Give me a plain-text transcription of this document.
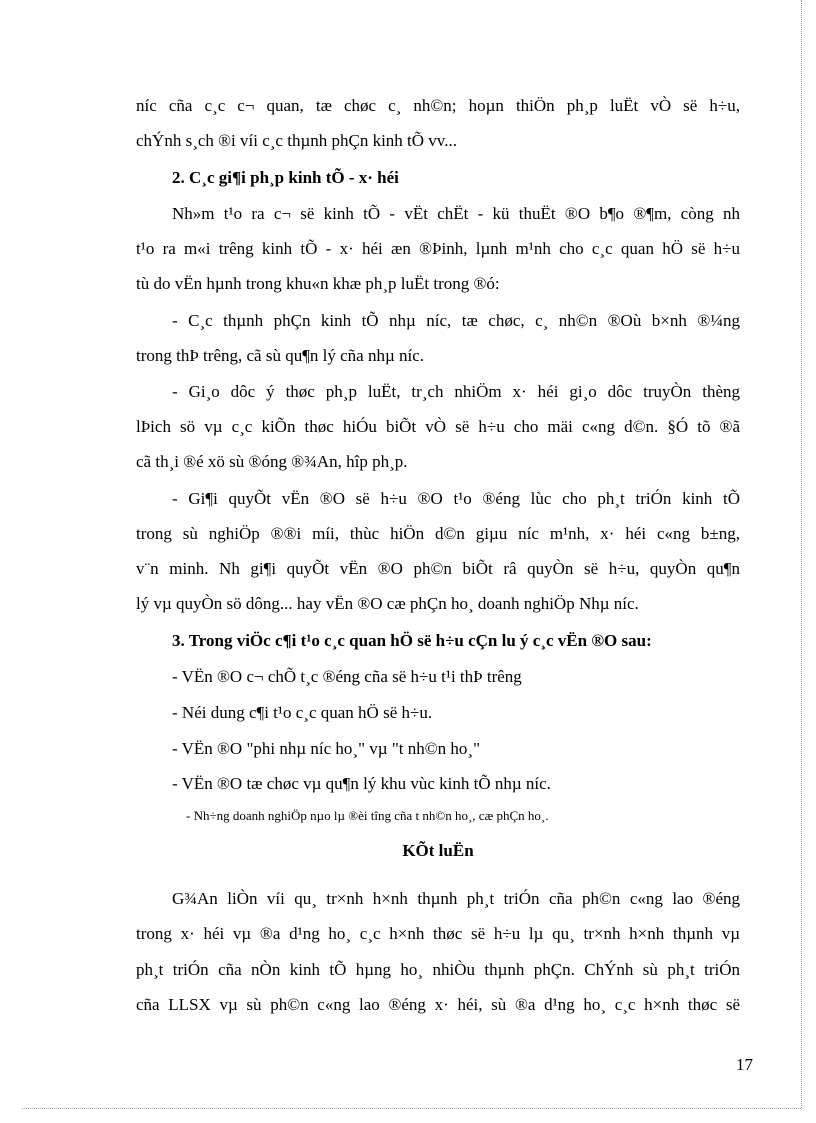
níc cña c¸c c¬ quan, tæ chøc c¸ nh©n; hoµn thiÖn ph¸p luËt vÒ së h÷u,
chÝnh s¸ch ®i víi c¸c thµnh phÇn kinh tÕ vv...
2. C¸c gi¶i ph¸p kinh tÕ - x· héi
Nh»m t¹o ra c¬ së kinh tÕ - vËt chËt - kü thuËt ®O b¶o ®¶m, còng nh
t¹o ra m«i trêng kinh tÕ - x· héi æn ®Þinh, lµnh m¹nh cho c¸c quan hÖ së h÷u
tù do vËn hµnh trong khu«n khæ ph¸p luËt trong ®ó:
- C¸c thµnh phÇn kinh tÕ nhµ níc, tæ chøc, c¸ nh©n ®Où b×nh ®¼ng
trong thÞ trêng, cã sù qu¶n lý cña nhµ níc.
- Gi¸o dôc ý thøc ph¸p luËt, tr¸ch nhiÖm x· héi gi¸o dôc truyÒn thèng
lÞich sö vµ c¸c kiÕn thøc hiÓu biÕt vÒ së h÷u cho mäi c«ng d©n. §Ó tõ ®ã
cã th¸i ®é xö sù ®óng ®¾An, hîp ph¸p.
- Gi¶i quyÕt vËn ®O së h÷u ®O t¹o ®éng lùc cho ph¸t triÓn kinh tÕ
trong sù nghiÖp ®®i míi, thùc hiÖn d©n giµu níc m¹nh, x· héi c«ng b±ng,
v¨n minh. Nh gi¶i quyÕt vËn ®O ph©n biÕt râ quyÒn së h÷u, quyÒn qu¶n
lý vµ quyÒn sö dông... hay vËn ®O cæ phÇn ho¸ doanh nghiÖp Nhµ níc.
3. Trong viÖc c¶i t¹o c¸c quan hÖ së h÷u cÇn lu ý c¸c vËn ®O sau:
- VËn ®O c¬ chÕ t¸c ®éng cña së h÷u t¹i thÞ trêng
- Néi dung c¶i t¹o c¸c quan hÖ së h÷u.
- VËn ®O "phi nhµ níc ho¸" vµ "t nh©n ho¸"
- VËn ®O tæ chøc vµ qu¶n lý khu vùc kinh tÕ nhµ níc.
- Nh÷ng doanh nghiÖp nµo lµ ®èi tîng cña t nh©n ho¸, cæ phÇn ho¸.
KÕt luËn
G¾An liÒn víi qu¸ tr×nh h×nh thµnh ph¸t triÓn cña ph©n c«ng lao ®éng
trong x· héi vµ ®a d¹ng ho¸ c¸c h×nh thøc së h÷u lµ qu¸ tr×nh h×nh thµnh vµ
ph¸t triÓn cña nÒn kinh tÕ hµng ho¸ nhiÒu thµnh phÇn. ChÝnh sù ph¸t triÓn
cña LLSX vµ sù ph©n c«ng lao ®éng x· héi, sù ®a d¹ng ho¸ c¸c h×nh thøc së
17
